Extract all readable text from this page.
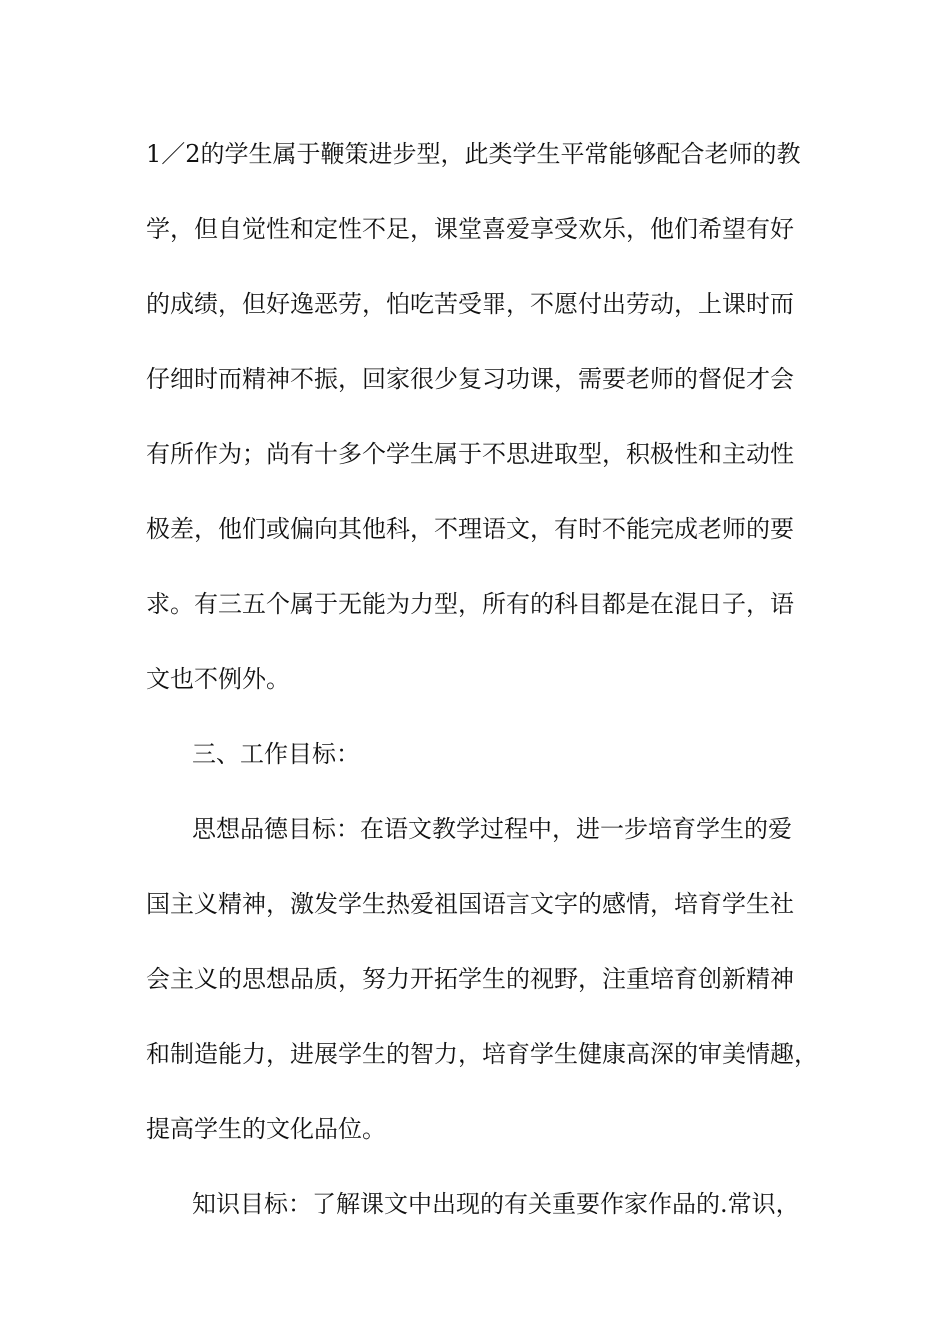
1／2的学生属于鞭策进步型，此类学生平常能够配合老师的教
学，但自觉性和定性不足，课堂喜爱享受欢乐，他们希望有好
的成绩，但好逸恶劳，怕吃苦受罪，不愿付出劳动，上课时而
仔细时而精神不振，回家很少复习功课，需要老师的督促才会
有所作为；尚有十多个学生属于不思进取型，积极性和主动性
极差，他们或偏向其他科，不理语文，有时不能完成老师的要
求。有三五个属于无能为力型，所有的科目都是在混日子，语
文也不例外。
三、工作目标：
思想品德目标：在语文教学过程中，进一步培育学生的爱
国主义精神，激发学生热爱祖国语言文字的感情，培育学生社
会主义的思想品质，努力开拓学生的视野，注重培育创新精神
和制造能力，进展学生的智力，培育学生健康高深的审美情趣，
提高学生的文化品位。
知识目标：了解课文中出现的有关重要作家作品的.常识，
